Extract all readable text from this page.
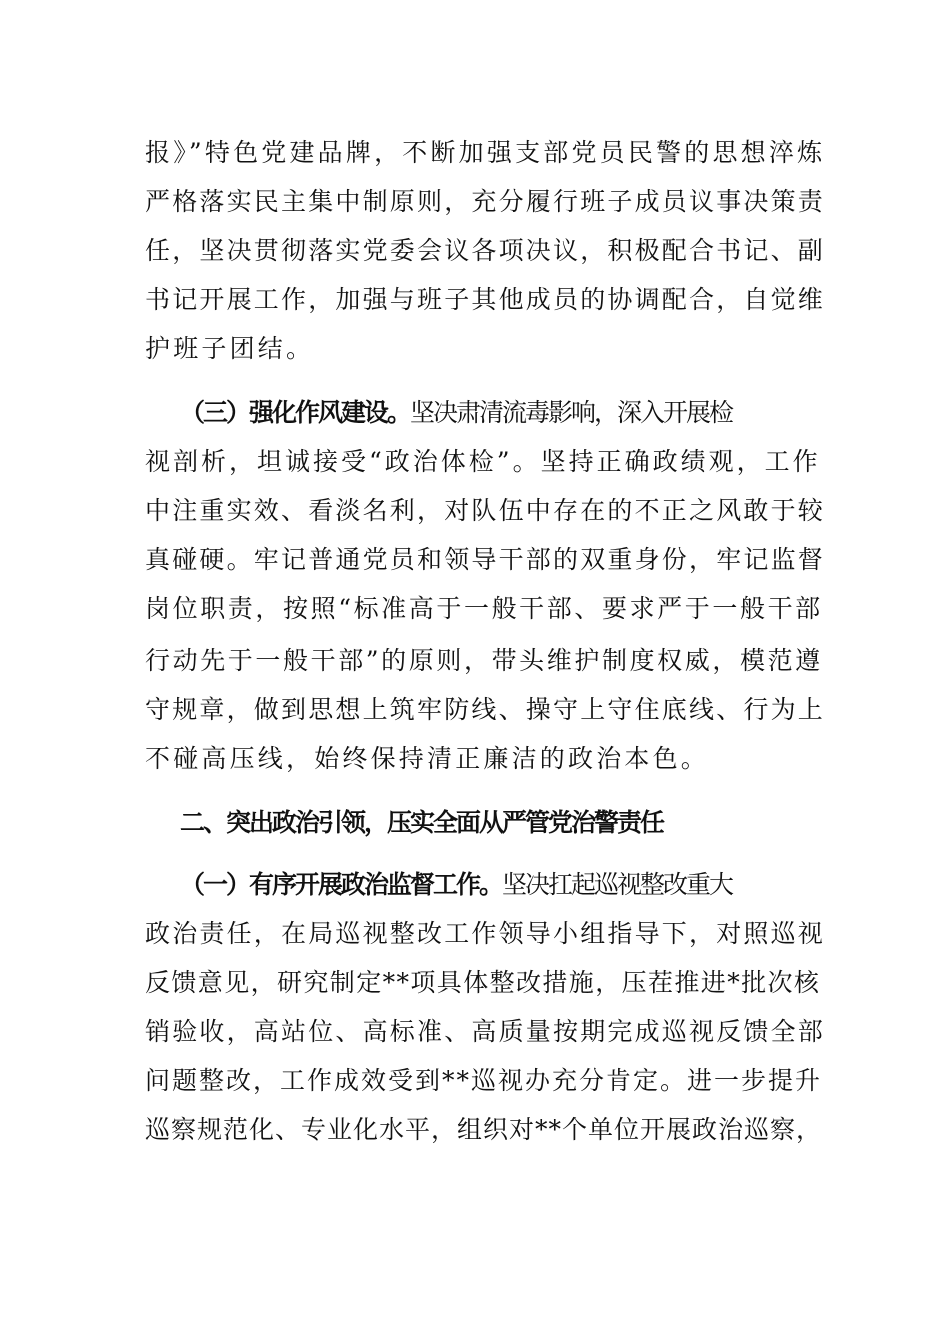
报》”特色党建品牌，不断加强支部党员民警的思想淬炼
严格落实民主集中制原则，充分履行班子成员议事决策责
任，坚决贯彻落实党委会议各项决议，积极配合书记、副
书记开展工作，加强与班子其他成员的协调配合，自觉维
护班子团结。
（三）强化作风建设。坚决肃清流毒影响，深入开展检
视剖析，坦诚接受“政治体检”。坚持正确政绩观，工作
中注重实效、看淡名利，对队伍中存在的不正之风敢于较
真碰硬。牢记普通党员和领导干部的双重身份，牢记监督
岗位职责，按照“标准高于一般干部、要求严于一般干部
行动先于一般干部”的原则，带头维护制度权威，模范遵
守规章，做到思想上筑牢防线、操守上守住底线、行为上
不碰高压线，始终保持清正廉洁的政治本色。
二、突出政治引领，压实全面从严管党治警责任
（一）有序开展政治监督工作。坚决扛起巡视整改重大
政治责任，在局巡视整改工作领导小组指导下，对照巡视
反馈意见，研究制定**项具体整改措施，压茬推进*批次核
销验收，高站位、高标准、高质量按期完成巡视反馈全部
问题整改，工作成效受到**巡视办充分肯定。进一步提升
巡察规范化、专业化水平，组织对**个单位开展政治巡察，
